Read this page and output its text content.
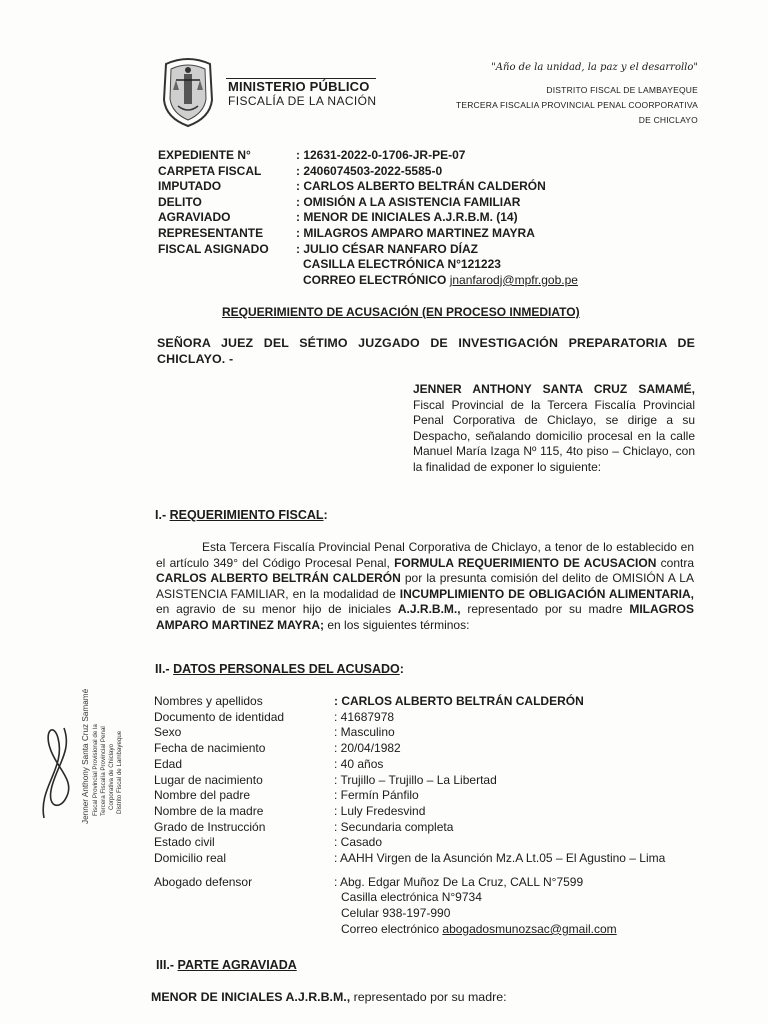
MINISTERIO PÚBLICO
FISCALÍA DE LA NACIÓN
"Año de la unidad, la paz y el desarrollo"
DISTRITO FISCAL DE LAMBAYEQUE
TERCERA FISCALIA PROVINCIAL PENAL COORPORATIVA
DE CHICLAYO
EXPEDIENTE N°	: 12631-2022-0-1706-JR-PE-07
CARPETA FISCAL	: 2406074503-2022-5585-0
IMPUTADO	: CARLOS ALBERTO BELTRÁN CALDERÓN
DELITO	: OMISIÓN A LA ASISTENCIA FAMILIAR
AGRAVIADO	: MENOR DE INICIALES A.J.R.B.M. (14)
REPRESENTANTE	: MILAGROS AMPARO MARTINEZ MAYRA
FISCAL ASIGNADO	: JULIO CÉSAR NANFARO DÍAZ
CASILLA ELECTRÓNICA N°121223
CORREO ELECTRÓNICO jnanfarodj@mpfr.gob.pe
REQUERIMIENTO DE ACUSACIÓN (EN PROCESO INMEDIATO)
SEÑORA JUEZ DEL SÉTIMO JUZGADO DE INVESTIGACIÓN PREPARATORIA DE CHICLAYO. -
JENNER ANTHONY SANTA CRUZ SAMAMÉ, Fiscal Provincial de la Tercera Fiscalía Provincial Penal Corporativa de Chiclayo, se dirige a su Despacho, señalando domicilio procesal en la calle Manuel María Izaga Nº 115, 4to piso – Chiclayo, con la finalidad de exponer lo siguiente:
I.- REQUERIMIENTO FISCAL:
Esta Tercera Fiscalía Provincial Penal Corporativa de Chiclayo, a tenor de lo establecido en el artículo 349° del Código Procesal Penal, FORMULA REQUERIMIENTO DE ACUSACION contra CARLOS ALBERTO BELTRÁN CALDERÓN por la presunta comisión del delito de OMISIÓN A LA ASISTENCIA FAMILIAR, en la modalidad de INCUMPLIMIENTO DE OBLIGACIÓN ALIMENTARIA, en agravio de su menor hijo de iniciales A.J.R.B.M., representado por su madre MILAGROS AMPARO MARTINEZ MAYRA; en los siguientes términos:
II.- DATOS PERSONALES DEL ACUSADO:
Nombres y apellidos	: CARLOS ALBERTO BELTRÁN CALDERÓN
Documento de identidad	: 41687978
Sexo	: Masculino
Fecha de nacimiento	: 20/04/1982
Edad	: 40 años
Lugar de nacimiento	: Trujillo – Trujillo – La Libertad
Nombre del padre	: Fermín Pánfilo
Nombre de la madre	: Luly Fredesvind
Grado de Instrucción	: Secundaria completa
Estado civil	: Casado
Domicilio real	: AAHH Virgen de la Asunción Mz.A Lt.05 – El Agustino – Lima
Abogado defensor	: Abg. Edgar Muñoz De La Cruz, CALL N°7599
Casilla electrónica N°9734
Celular 938-197-990
Correo electrónico abogadosmunozsac@gmail.com
III.- PARTE AGRAVIADA
MENOR DE INICIALES A.J.R.B.M., representado por su madre:
Jenner Anthony Santa Cruz Samamé Fiscal Provincial Provisional de la Tercera Fiscalía Provincial Penal Corporativa de Chiclayo Distrito Fiscal de Lambayeque
